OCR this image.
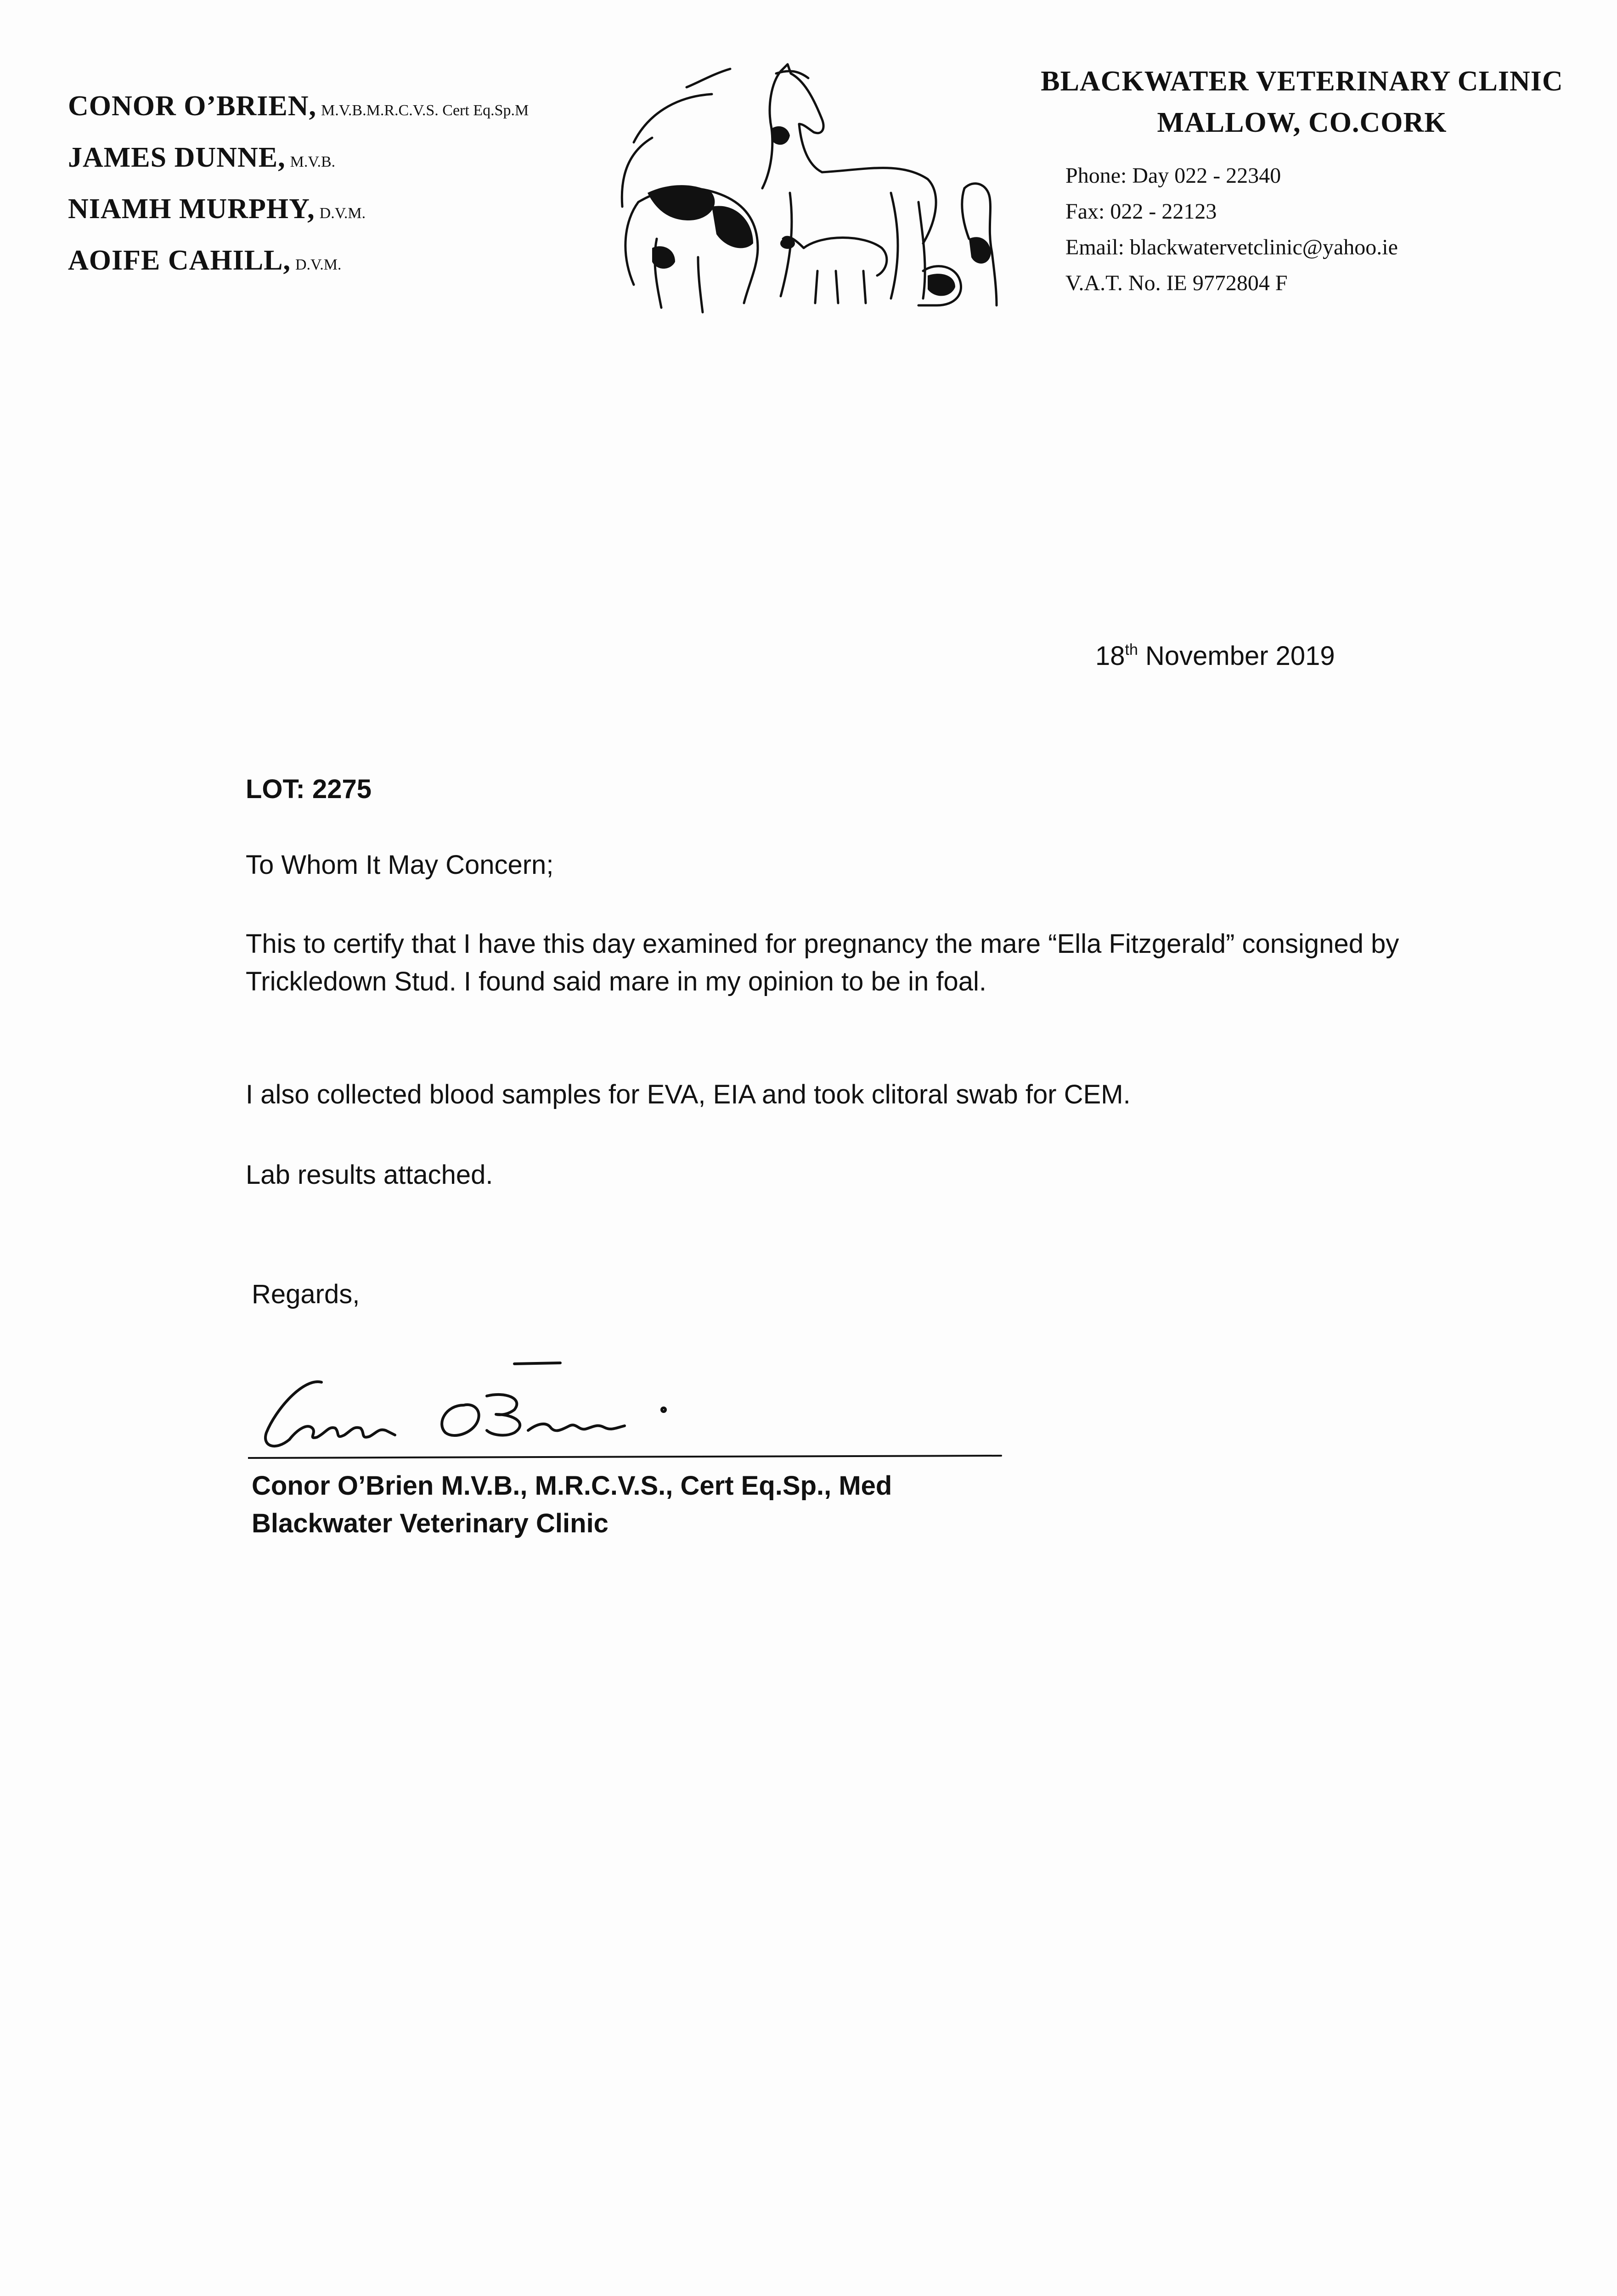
CONOR O’BRIEN, M.V.B.M.R.C.V.S. Cert Eq.Sp.M
JAMES DUNNE, M.V.B.
NIAMH MURPHY, D.V.M.
AOIFE CAHILL, D.V.M.
BLACKWATER VETERINARY CLINIC
MALLOW, CO.CORK
Phone: Day 022 - 22340
Fax: 022 - 22123
Email: blackwatervetclinic@yahoo.ie
V.A.T. No. IE 9772804 F
18th November 2019
LOT: 2275
To Whom It May Concern;
This to certify that I have this day examined for pregnancy the mare “Ella Fitzgerald” consigned by Trickledown Stud. I found said mare in my opinion to be in foal.
I also collected blood samples for EVA, EIA and took clitoral swab for CEM.
Lab results attached.
Regards,
Conor O’Brien M.V.B., M.R.C.V.S., Cert Eq.Sp., Med
Blackwater Veterinary Clinic
